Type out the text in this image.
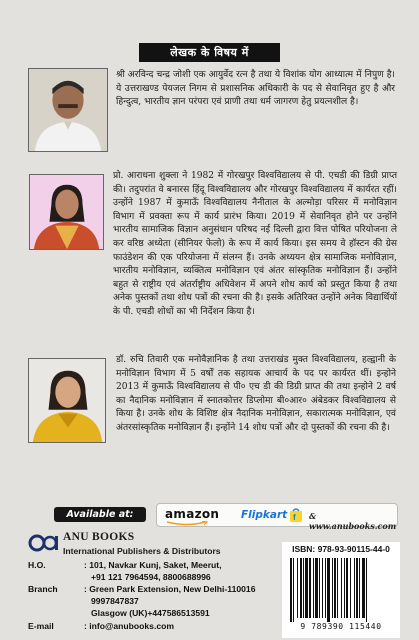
लेखक के विषय में
श्री अरविन्द चन्द्र जोशी एक आयुर्वेद रत्न है तथा ये विशांक योग आध्यात्म में निपुण है। ये उत्तराखण्ड पेयजल निगम से प्रशासनिक अधिकारी के पद से सेवानिवृत हुए है और हिन्दुत्व, भारतीय ज्ञान परंपरा एवं प्राणी तथा धर्म जागरण हेतु प्रयत्नशील है।
प्रो. आराधना शुक्ला ने 1982 में गोरखपुर विश्वविद्यालय से पी. एचडी की डिग्री प्राप्त की। तदुपरांत वे बनारस हिंदू विश्वविद्यालय और गोरखपुर विश्वविद्यालय में कार्यरत रहीं। उन्होंने 1987 में कुमाऊँ विश्वविद्यालय नैनीताल के अल्मोड़ा परिसर में मनोविज्ञान विभाग में प्रवक्ता रूप में कार्य प्रारंभ किया। 2019 में सेवानिवृत होने पर उन्होंने भारतीय सामाजिक विज्ञान अनुसंधान परिषद नई दिल्ली द्वारा वित्त पोषित परियोजना ले कर वरिष्ठ अध्येता (सीनियर फेलो) के रूप में कार्य किया। इस समय वे हॉस्टन की ग्रेस फाउंडेशन की एक परियोजना में संलग्न हैं। उनके अध्ययन क्षेत्र सामाजिक मनोविज्ञान, भारतीय मनोविज्ञान, व्यक्तित्व मनोविज्ञान एवं अंतर सांस्कृतिक मनोविज्ञान हैं। उन्होंने बहुत से राष्ट्रीय एवं अंतर्राष्ट्रीय अधिवेशन में अपने शोध कार्य को प्रस्तुत किया है तथा अनेक पुस्तकों तथा शोध पत्रों की रचना की है। इसके अतिरिक्त उन्होंने अनेक विद्यार्थियों के पी. एचडी शोधों का भी निर्देशन किया है।
डॉ. रुचि तिवारी एक मनोवैज्ञानिक है तथा उत्तराखंड मुक्त विश्वविद्यालय, हल्द्वानी के मनोविज्ञान विभाग में 5 वर्षों तक सहायक आचार्य के पद पर कार्यरत थीं। इन्होने 2013 में कुमाऊँ विश्वविद्यालय से पी० एच डी की डिग्री प्राप्त की तथा इन्होने 2 वर्ष का नैदानिक मनोविज्ञान में स्नातकोत्तर डिप्लोमा बी०आर० अंबेडकर विश्वविद्यालय से किया है। उनके शोध के विशिष्ट क्षेत्र नैदानिक मनोविज्ञान, सकारात्मक मनोविज्ञान, एवं अंतरसांस्कृतिक मनोविज्ञान हैं। इन्होंने 14 शोध पत्रों और दो पुस्तकों की रचना की है।
Available at:	amazon Flipkart f & www.anubooks.com
ANU BOOKS
International Publishers & Distributors
H.O.	: 101, Navkar Kunj, Saket, Meerut,
+91 121 7964594, 8800688996
Branch	: Green Park Extension, New Delhi-110016
9997847837
Glasgow (UK)+447586513591
E-mail	: info@anubooks.com
ISBN: 978-93-90115-44-0
9 789390 115440
